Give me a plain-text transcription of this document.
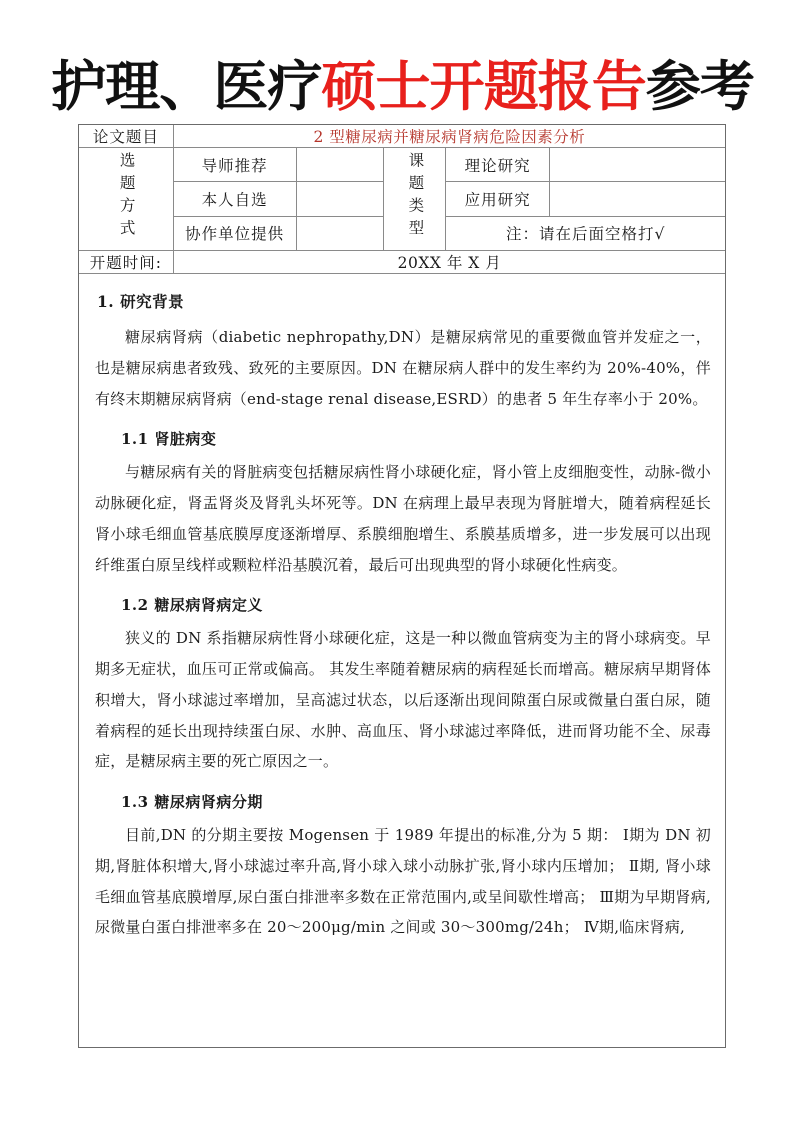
护理、医疗硕士开题报告参考
论文题目	2 型糖尿病并糖尿病肾病危险因素分析				
选题方式	导师推荐		课题类型	理论研究	
	本人自选			应用研究	
	协作单位提供			注：请在后面空格打√	
开题时间:	20XX 年 X 月				
1. 研究背景

糖尿病肾病（diabetic nephropathy,DN）是糖尿病常见的重要微血管并发症之一，也是糖尿病患者致残、致死的主要原因。DN 在糖尿病人群中的发生率约为 20%-40%，伴有终末期糖尿病肾病（end-stage renal disease,ESRD）的患者 5 年生存率小于 20%。

1.1 肾脏病变

与糖尿病有关的肾脏病变包括糖尿病性肾小球硬化症，肾小管上皮细胞变性，动脉-微小动脉硬化症，肾盂肾炎及肾乳头坏死等。DN 在病理上最早表现为肾脏增大，随着病程延长肾小球毛细血管基底膜厚度逐渐增厚、系膜细胞增生、系膜基质增多，进一步发展可以出现纤维蛋白原呈线样或颗粒样沿基膜沉着，最后可出现典型的肾小球硬化性病变。

1.2 糖尿病肾病定义

狭义的 DN 系指糖尿病性肾小球硬化症，这是一种以微血管病变为主的肾小球病变。早期多无症状，血压可正常或偏高。 其发生率随着糖尿病的病程延长而增高。糖尿病早期肾体积增大，肾小球滤过率增加，呈高滤过状态，以后逐渐出现间隙蛋白尿或微量白蛋白尿，随着病程的延长出现持续蛋白尿、水肿、高血压、肾小球滤过率降低，进而肾功能不全、尿毒症，是糖尿病主要的死亡原因之一。

1.3 糖尿病肾病分期

目前,DN 的分期主要按 Mogensen 于 1989 年提出的标准,分为 5 期： Ⅰ期为 DN 初期,肾脏体积增大,肾小球滤过率升高,肾小球入球小动脉扩张,肾小球内压增加； Ⅱ期, 肾小球毛细血管基底膜增厚,尿白蛋白排泄率多数在正常范围内,或呈间歇性增高； Ⅲ期为早期肾病,尿微量白蛋白排泄率多在 20～200μg/min 之间或 30～300mg/24h； Ⅳ期,临床肾病,
